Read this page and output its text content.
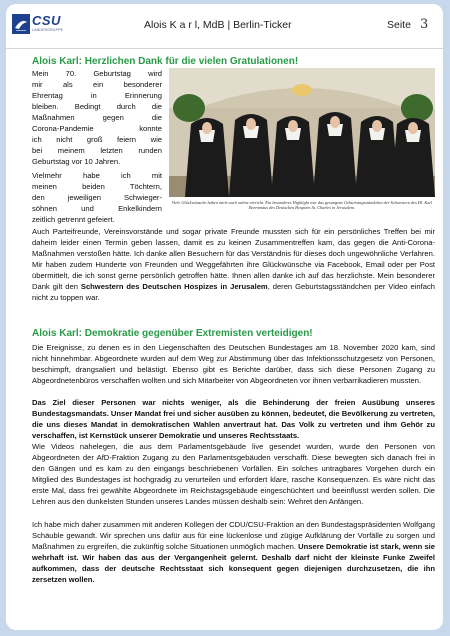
CSU
LANDESGRUPPE	Alois K a r l, MdB | Berlin-Ticker	Seite 3
Alois Karl: Herzlichen Dank für die vielen Gratulationen!
Mein 70. Geburtstag wird
mir als ein besonderer
Ehrentag in Erinnerung
bleiben. Bedingt durch die
Maßnahmen gegen die
Corona-Pandemie konnte
ich nicht groß feiern wie
bei meinem letzten runden
Geburtstag vor 10 Jahren.
Vielmehr habe ich mit
meinen beiden Töchtern,
den jeweiligen Schwieger-
söhnen und Enkelkindern
zeitlich getrennt gefeiert.
Viele Glückwünsche haben mich auch online erreicht. Ein besonderes Highlight war das gesungene Geburtstagsständchen der Schwestern des Hl. Karl Borromäus des Deutschen Hospizes St. Charles in Jerusalem.

Auch Parteifreunde, Vereinsvorstände und sogar private Freunde mussten sich für ein persönliches Treffen bei mir daheim leider einen Termin geben lassen, damit es zu keinen Zusammentreffen kam, das gegen die Anti-Corona-Maßnahmen verstoßen hätte. Ich danke allen Besuchern für das Verständnis für dieses doch ungewöhnliche Verfahren. Mir haben zudem Hunderte von Freunden und Weggefährten ihre Glückwünsche via Facebook, Email oder per Post übermittelt, die ich sonst gerne persönlich getroffen hätte. Ihnen allen danke ich auf das herzlichste. Mein besonderer Dank gilt den Schwestern des Deutschen Hospizes in Jerusalem, deren Geburtstagsständchen per Video einfach nicht zu toppen war.

Alois Karl: Demokratie gegenüber Extremisten verteidigen!

Die Ereignisse, zu denen es in den Liegenschaften des Deutschen Bundestages am 18. November 2020 kam, sind nicht hinnehmbar. Abgeordnete wurden auf dem Weg zur Abstimmung über das Infektionsschutzgesetz von Personen, beschimpft, drangsaliert und belästigt. Ebenso gibt es Berichte darüber, dass sich diese Personen Zugang zu Abgeordnetenbüros verschaffen wollten und sich Mitarbeiter von Abgeordneten vor ihnen verbarrikadieren mussten.

Das Ziel dieser Personen war nichts weniger, als die Behinderung der freien Ausübung unseres Bundestagsmandats. Unser Mandat frei und sicher ausüben zu können, bedeutet, die Bevölkerung zu vertreten, die uns dieses Mandat in demokratischen Wahlen anvertraut hat. Das Volk zu vertreten und ihm Gehör zu verschaffen, ist Kernstück unserer Demokratie und unseres Rechtsstaats.

Wie Videos nahelegen, die aus dem Parlamentsgebäude live gesendet wurden, wurde den Personen von Abgeordneten der AfD-Fraktion Zugang zu den Parlamentsgebäuden verschafft. Diese bewegten sich danach frei in den Gängen und es kam zu den eingangs beschriebenen Vorfällen. Ein solches untragbares Vorgehen durch ein Mitglied des Bundestages ist hochgradig zu verurteilen und erfordert klare, rasche Konsequenzen. Es wäre nicht das erste Mal, dass frei gewählte Abgeordnete im Reichstagsgebäude eingeschüchtert und beeinflusst werden sollen. Die Lehren aus den dunkelsten Stunden unseres Landes müssen deshalb sein: Wehret den Anfängen.

Ich habe mich daher zusammen mit anderen Kollegen der CDU/CSU-Fraktion an den Bundestagspräsidenten Wolfgang Schäuble gewandt. Wir sprechen uns dafür aus für eine lückenlose und zügige Aufklärung der Vorfälle zu sorgen und Maßnahmen zu ergreifen, die zukünftig solche Situationen unmöglich machen. Unsere Demokratie ist stark, wenn sie wehrhaft ist. Wir haben das aus der Vergangenheit gelernt. Deshalb darf nicht der kleinste Funke Zweifel aufkommen, dass der deutsche Rechtsstaat sich konsequent gegen diejenigen durchzusetzen, die ihn zersetzen wollen.
